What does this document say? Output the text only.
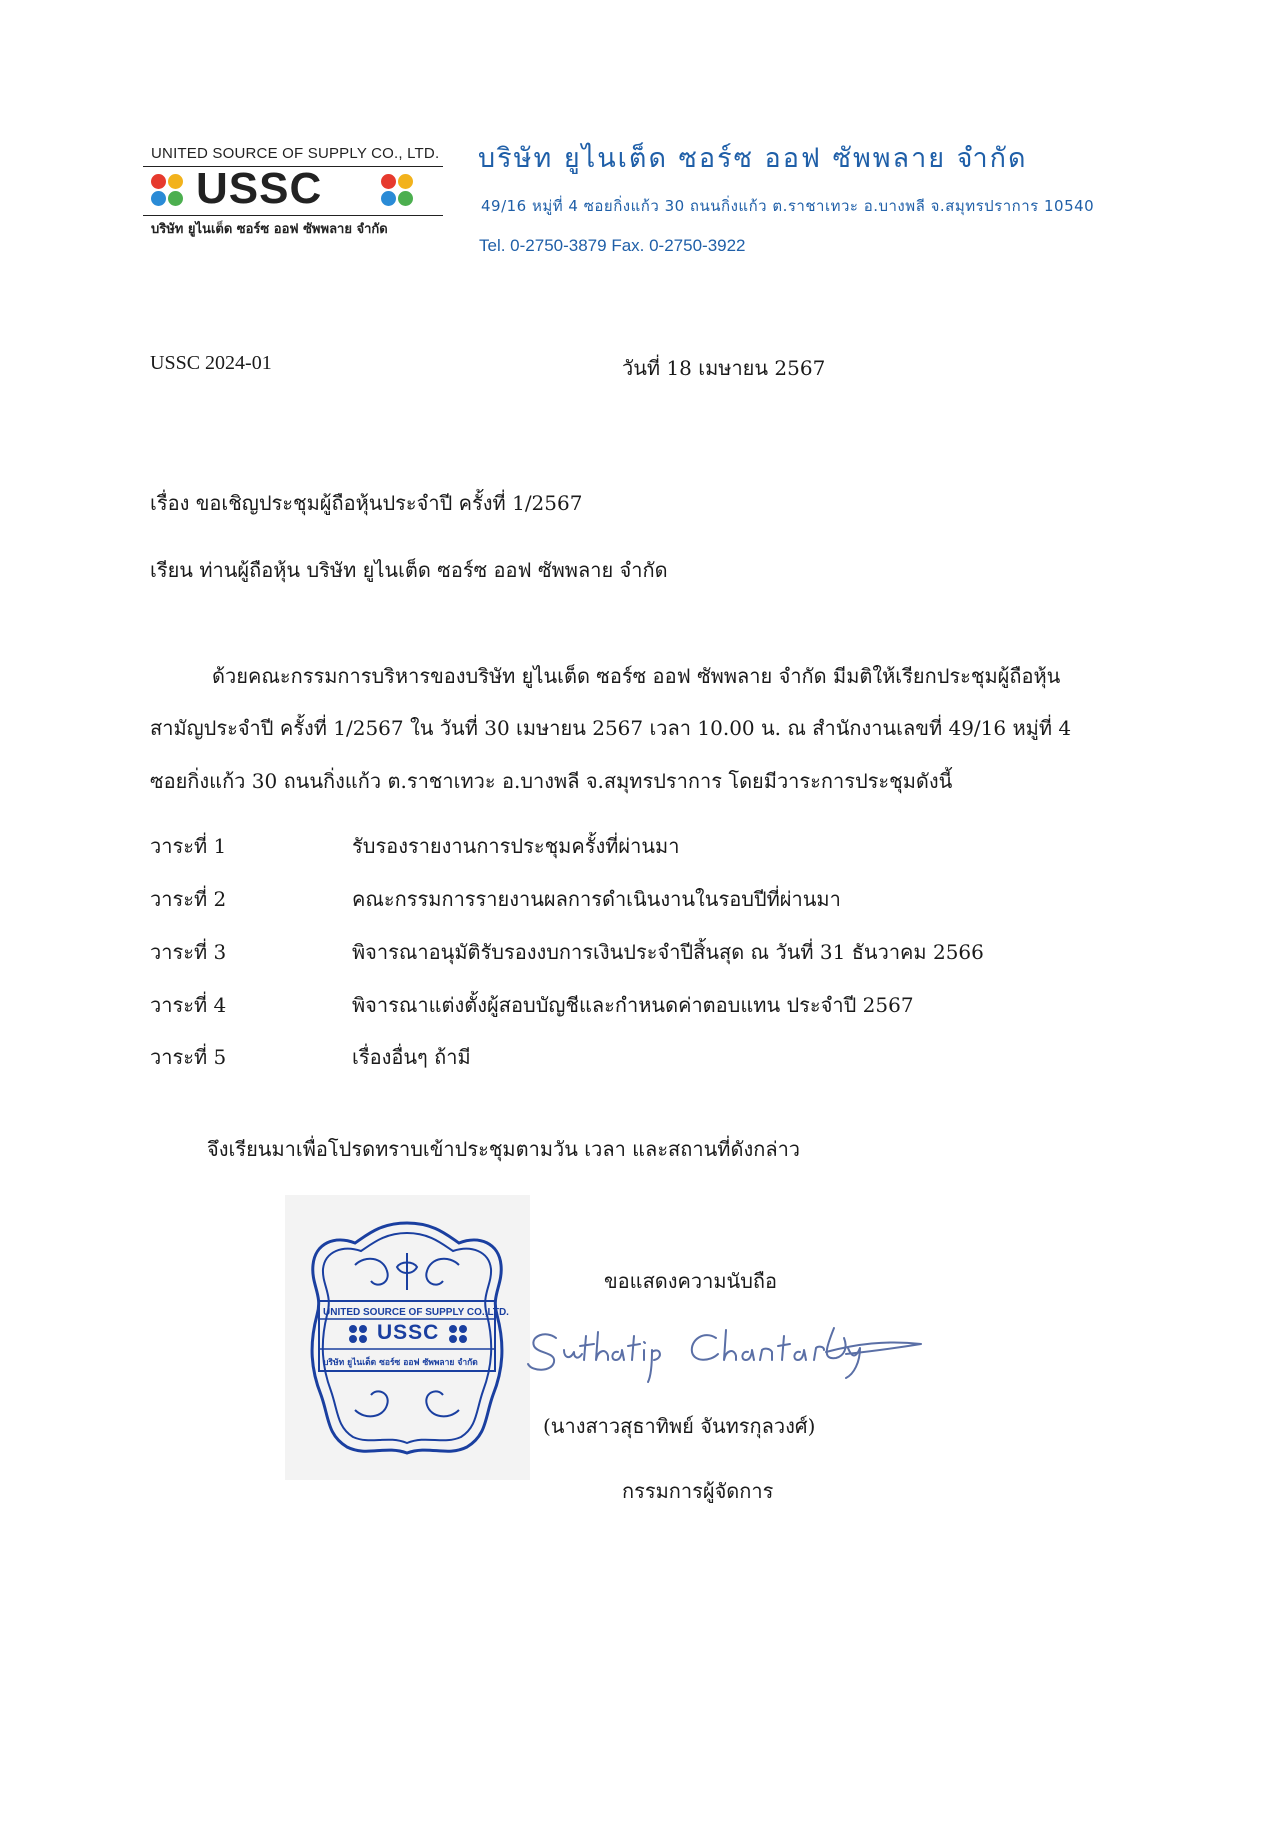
UNITED SOURCE OF SUPPLY CO., LTD.
USSC
บริษัท ยูไนเต็ด ซอร์ซ ออฟ ซัพพลาย จำกัด
บริษัท ยูไนเต็ด ซอร์ซ ออฟ ซัพพลาย จำกัด
49/16 หมู่ที่ 4 ซอยกิ่งแก้ว 30 ถนนกิ่งแก้ว ต.ราชาเทวะ อ.บางพลี จ.สมุทรปราการ 10540
Tel. 0-2750-3879 Fax. 0-2750-3922
USSC 2024-01	วันที่ 18 เมษายน 2567
เรื่อง ขอเชิญประชุมผู้ถือหุ้นประจำปี ครั้งที่ 1/2567
เรียน ท่านผู้ถือหุ้น บริษัท ยูไนเต็ด ซอร์ซ ออฟ ซัพพลาย จำกัด
ด้วยคณะกรรมการบริหารของบริษัท ยูไนเต็ด ซอร์ซ ออฟ ซัพพลาย จำกัด มีมติให้เรียกประชุมผู้ถือหุ้น
สามัญประจำปี ครั้งที่ 1/2567 ใน วันที่ 30 เมษายน 2567 เวลา 10.00 น. ณ สำนักงานเลขที่ 49/16 หมู่ที่ 4
ซอยกิ่งแก้ว 30 ถนนกิ่งแก้ว ต.ราชาเทวะ อ.บางพลี จ.สมุทรปราการ โดยมีวาระการประชุมดังนี้
วาระที่ 1	รับรองรายงานการประชุมครั้งที่ผ่านมา
วาระที่ 2	คณะกรรมการรายงานผลการดำเนินงานในรอบปีที่ผ่านมา
วาระที่ 3	พิจารณาอนุมัติรับรองงบการเงินประจำปีสิ้นสุด ณ วันที่ 31 ธันวาคม 2566
วาระที่ 4	พิจารณาแต่งตั้งผู้สอบบัญชีและกำหนดค่าตอบแทน ประจำปี 2567
วาระที่ 5	เรื่องอื่นๆ ถ้ามี
จึงเรียนมาเพื่อโปรดทราบเข้าประชุมตามวัน เวลา และสถานที่ดังกล่าว
UNITED SOURCE OF SUPPLY CO.,LTD.
USSC
บริษัท ยูไนเต็ด ซอร์ซ ออฟ ซัพพลาย จำกัด
ขอแสดงความนับถือ
Suthatip Chantarakul
(นางสาวสุธาทิพย์ จันทรกุลวงศ์)
กรรมการผู้จัดการ
